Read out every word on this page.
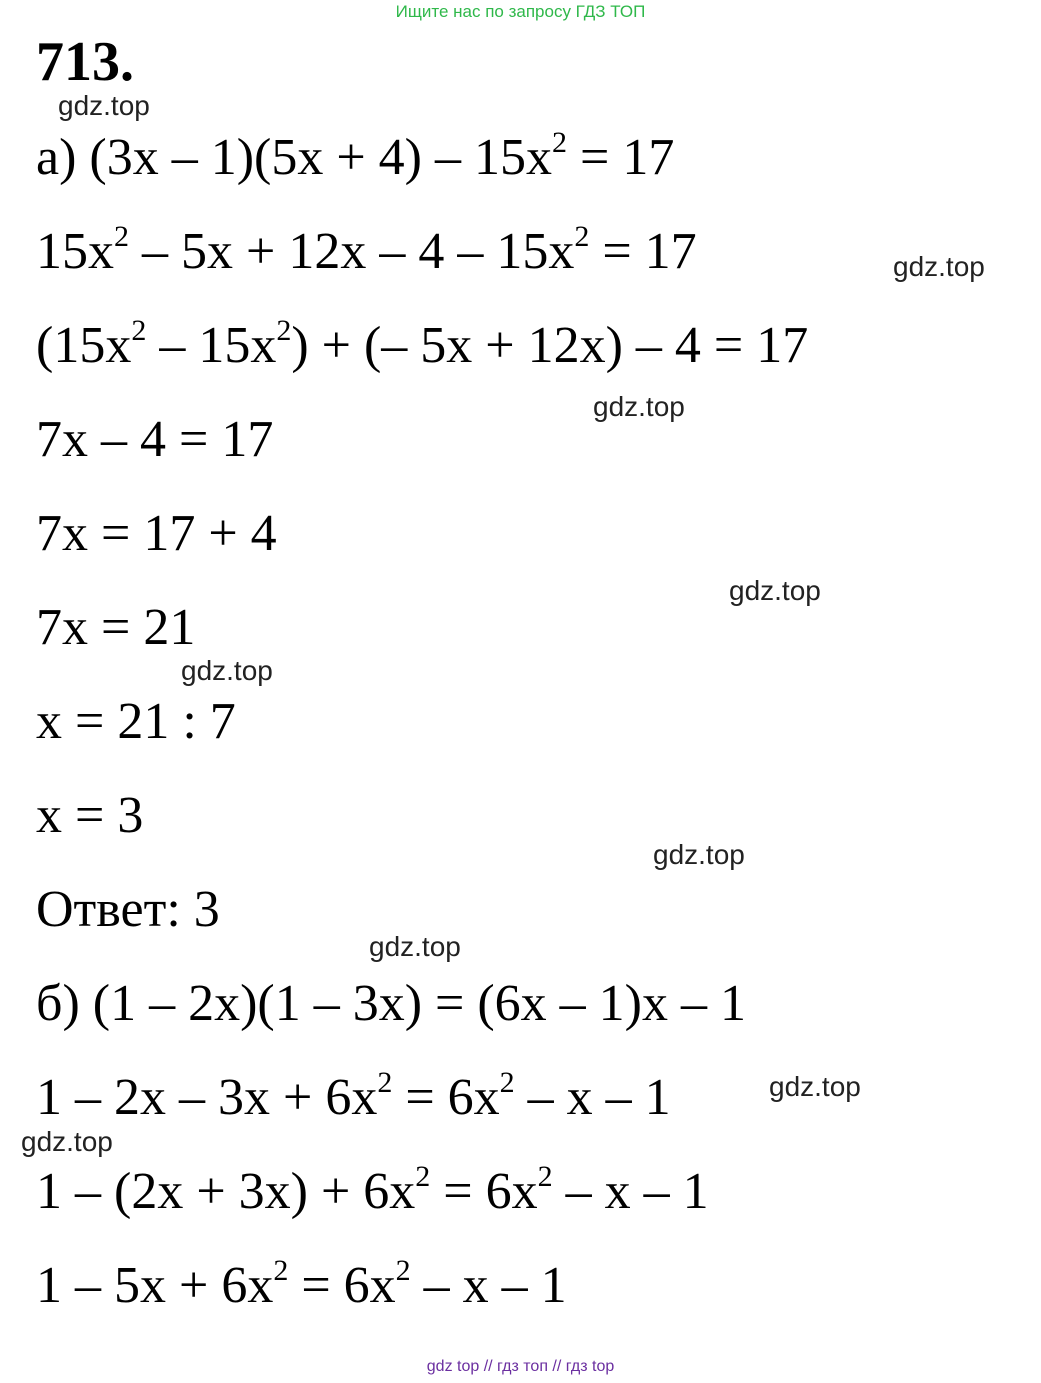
Ищите нас по запросу ГДЗ ТОП
713.
а) $(3x - 1)(5x + 4) - 15x^2 = 17$
$15x^2 - 5x + 12x - 4 - 15x^2 = 17$
$(15x^2 - 15x^2)$ + (– 5x + 12x) – 4 = 17
7x – 4 = 17
7x = 17 + 4
7x = 21
x = 21 : 7
x = 3
Ответ: 3
б) (1 – 2x)(1 – 3x) = (6x – 1)x – 1
$1 - 2x - 3x + 6x^2 = 6x^2 - x - 1$
$1 - (2x + 3x) + 6x^2 = 6x^2 - x - 1$
$1 - 5x + 6x^2 = 6x^2 - x - 1$
gdz.top
gdz.top
gdz.top
gdz.top
gdz.top
gdz.top
gdz.top
gdz.top
gdz.top
gdz top // гдз топ // гдз top
